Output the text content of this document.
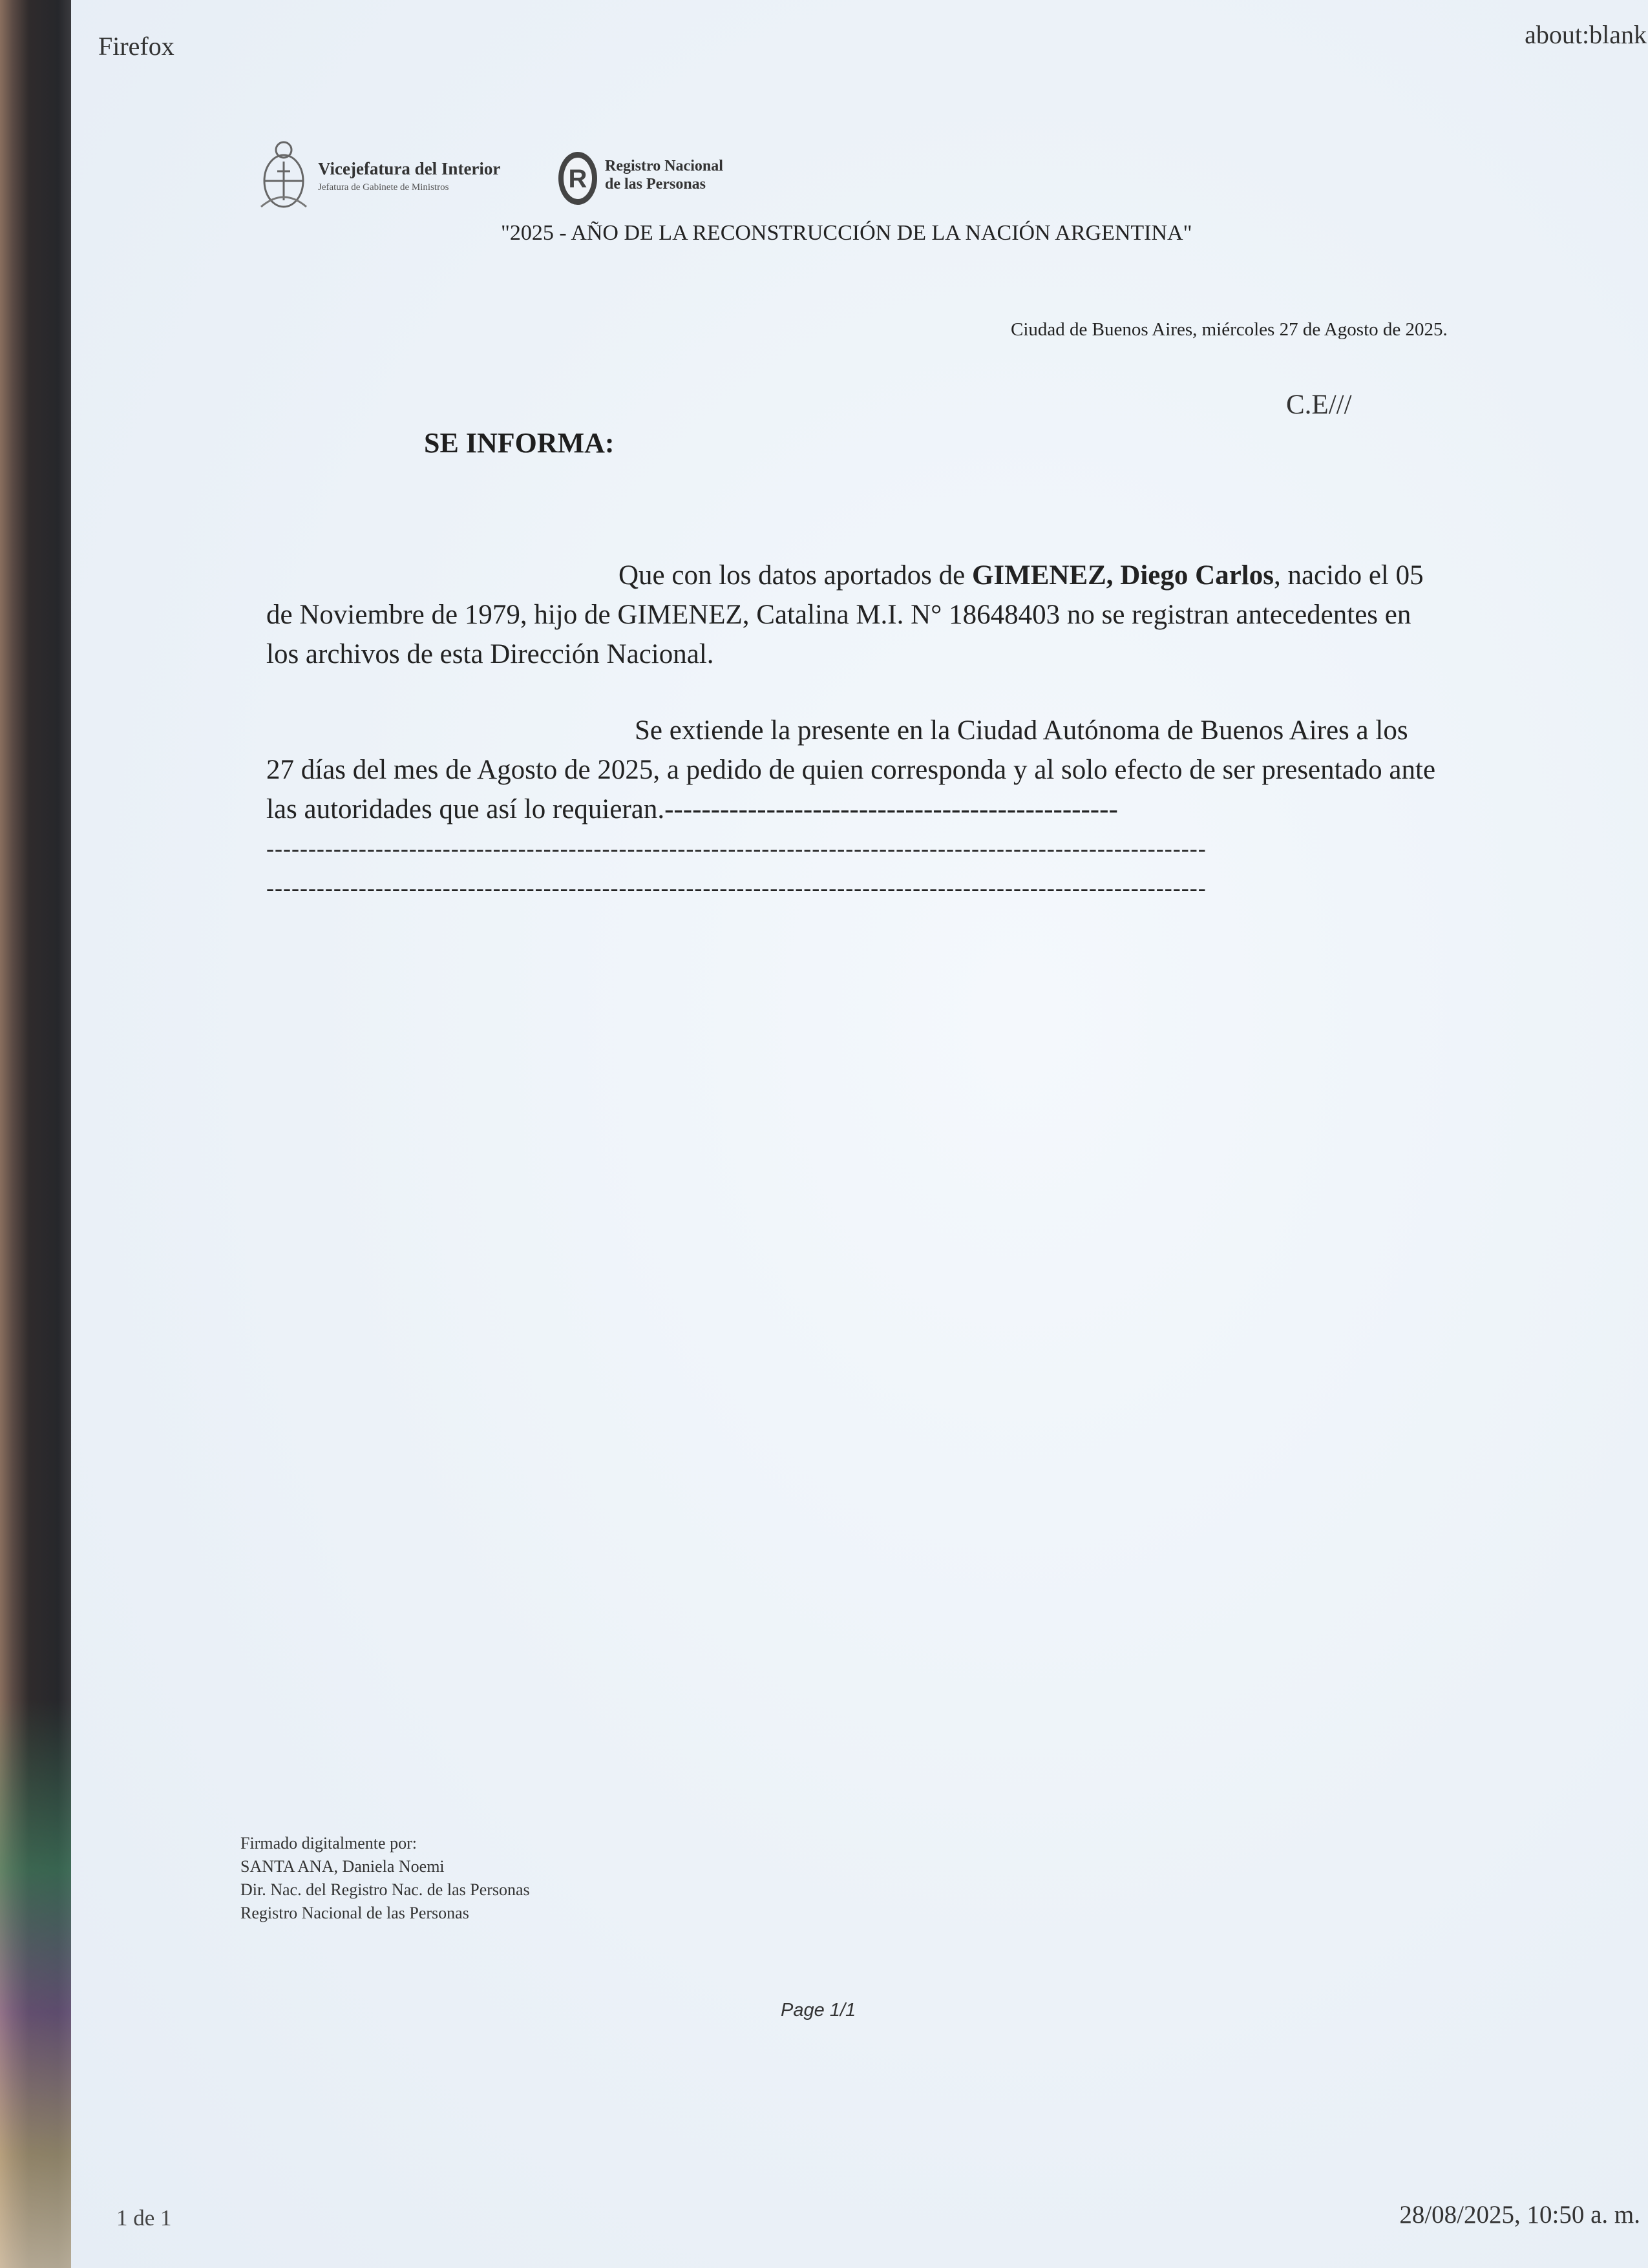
Firefox	about:blank
Vicejefatura del Interior
Jefatura de Gabinete de Ministros	R Registro Nacional
de las Personas
"2025 - AÑO DE LA RECONSTRUCCIÓN DE LA NACIÓN ARGENTINA"
Ciudad de Buenos Aires, miércoles 27 de Agosto de 2025.
C.E///
SE INFORMA:
Que con los datos aportados de GIMENEZ, Diego Carlos, nacido el 05 de Noviembre de 1979, hijo de GIMENEZ, Catalina M.I. N° 18648403 no se registran antecedentes en los archivos de esta Dirección Nacional.
Se extiende la presente en la Ciudad Autónoma de Buenos Aires a los 27 días del mes de Agosto de 2025, a pedido de quien corresponda y al solo efecto de ser presentado ante las autoridades que así lo requieran.-------------------------------------------------
----------------------------------------------------------------------------------------------------------------
----------------------------------------------------------------------------------------------------------------
Firmado digitalmente por:
SANTA ANA, Daniela Noemi
Dir. Nac. del Registro Nac. de las Personas
Registro Nacional de las Personas
Page 1/1
1 de 1	28/08/2025, 10:50 a. m.
